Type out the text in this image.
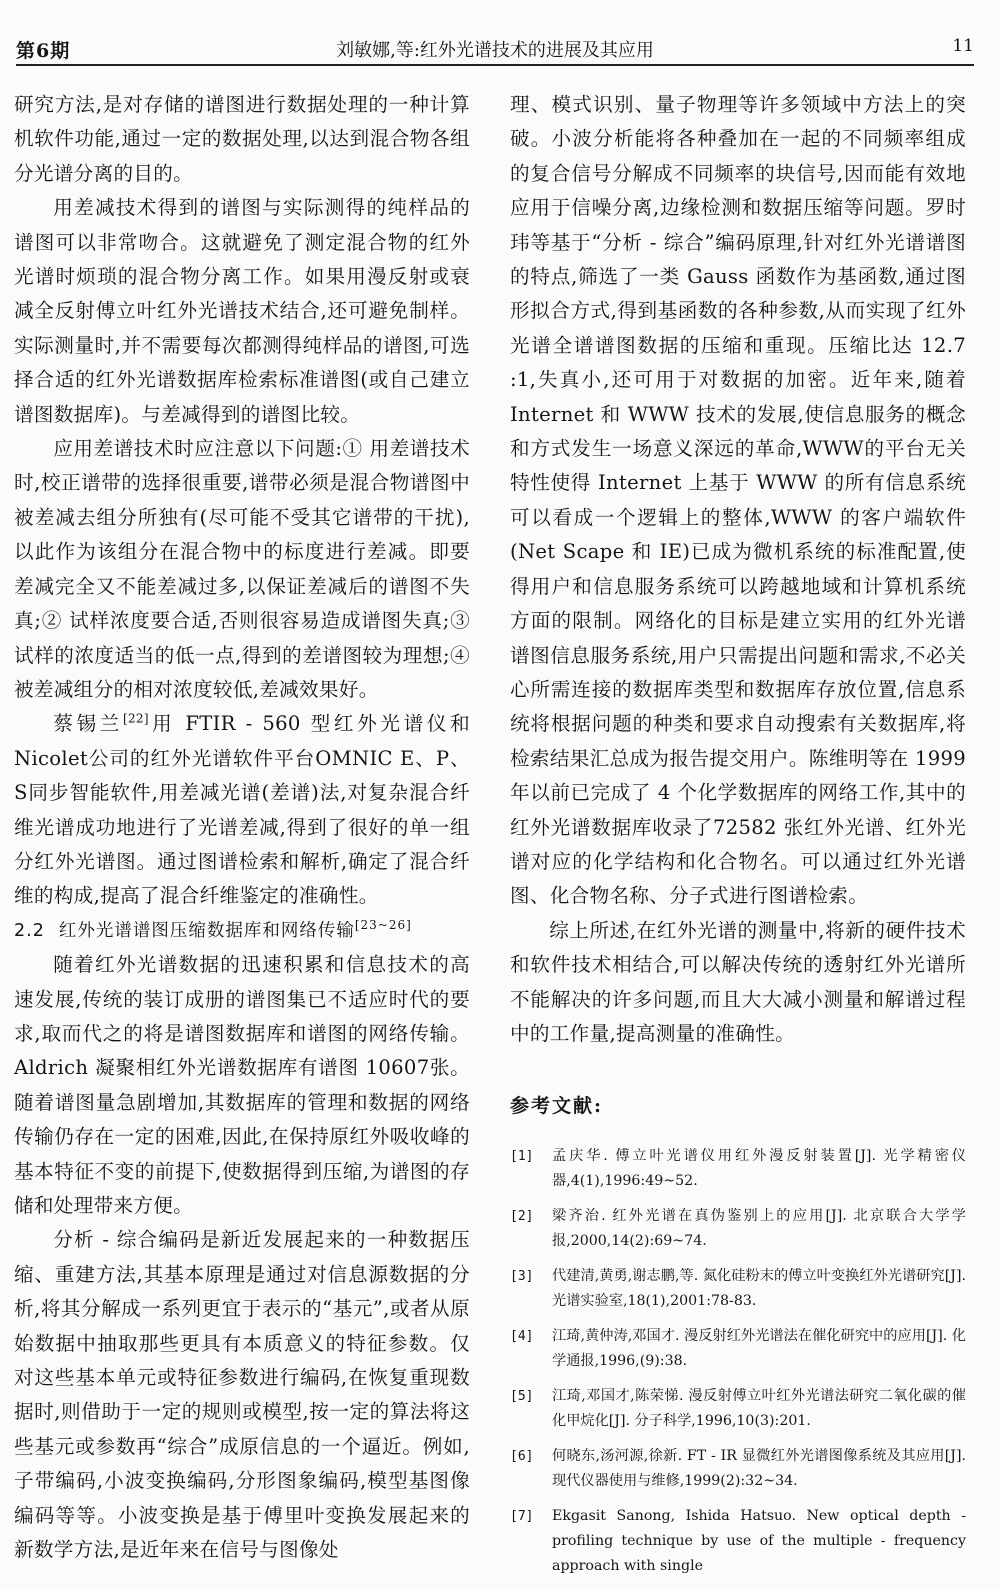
第6期	刘敏娜,等:红外光谱技术的进展及其应用	11

研究方法,是对存储的谱图进行数据处理的一种计算机软件功能,通过一定的数据处理,以达到混合物各组分光谱分离的目的。

用差减技术得到的谱图与实际测得的纯样品的谱图可以非常吻合。这就避免了测定混合物的红外光谱时烦琐的混合物分离工作。如果用漫反射或衰减全反射傅立叶红外光谱技术结合,还可避免制样。实际测量时,并不需要每次都测得纯样品的谱图,可选择合适的红外光谱数据库检索标准谱图(或自己建立谱图数据库)。与差减得到的谱图比较。

应用差谱技术时应注意以下问题:① 用差谱技术时,校正谱带的选择很重要,谱带必须是混合物谱图中被差减去组分所独有(尽可能不受其它谱带的干扰),以此作为该组分在混合物中的标度进行差减。即要差减完全又不能差减过多,以保证差减后的谱图不失真;② 试样浓度要合适,否则很容易造成谱图失真;③ 试样的浓度适当的低一点,得到的差谱图较为理想;④ 被差减组分的相对浓度较低,差减效果好。

蔡锡兰[22]用 FTIR - 560 型红外光谱仪和 Nicolet公司的红外光谱软件平台OMNIC E、P、S同步智能软件,用差减光谱(差谱)法,对复杂混合纤维光谱成功地进行了光谱差减,得到了很好的单一组分红外光谱图。通过图谱检索和解析,确定了混合纤维的构成,提高了混合纤维鉴定的准确性。

2.2 红外光谱谱图压缩数据库和网络传输[23~26]

随着红外光谱数据的迅速积累和信息技术的高速发展,传统的装订成册的谱图集已不适应时代的要求,取而代之的将是谱图数据库和谱图的网络传输。Aldrich 凝聚相红外光谱数据库有谱图 10607张。随着谱图量急剧增加,其数据库的管理和数据的网络传输仍存在一定的困难,因此,在保持原红外吸收峰的基本特征不变的前提下,使数据得到压缩,为谱图的存储和处理带来方便。

分析 - 综合编码是新近发展起来的一种数据压缩、重建方法,其基本原理是通过对信息源数据的分析,将其分解成一系列更宜于表示的“基元”,或者从原始数据中抽取那些更具有本质意义的特征参数。仅对这些基本单元或特征参数进行编码,在恢复重现数据时,则借助于一定的规则或模型,按一定的算法将这些基元或参数再“综合”成原信息的一个逼近。例如,子带编码,小波变换编码,分形图象编码,模型基图像编码等等。小波变换是基于傅里叶变换发展起来的新数学方法,是近年来在信号与图像处

理、模式识别、量子物理等许多领域中方法上的突破。小波分析能将各种叠加在一起的不同频率组成的复合信号分解成不同频率的块信号,因而能有效地应用于信噪分离,边缘检测和数据压缩等问题。罗时玮等基于“分析 - 综合”编码原理,针对红外光谱谱图的特点,筛选了一类 Gauss 函数作为基函数,通过图形拟合方式,得到基函数的各种参数,从而实现了红外光谱全谱谱图数据的压缩和重现。压缩比达 12.7 :1,失真小,还可用于对数据的加密。近年来,随着 Internet 和 WWW 技术的发展,使信息服务的概念和方式发生一场意义深远的革命,WWW的平台无关特性使得 Internet 上基于 WWW 的所有信息系统可以看成一个逻辑上的整体,WWW 的客户端软件(Net Scape 和 IE)已成为微机系统的标准配置,使得用户和信息服务系统可以跨越地域和计算机系统方面的限制。网络化的目标是建立实用的红外光谱谱图信息服务系统,用户只需提出问题和需求,不必关心所需连接的数据库类型和数据库存放位置,信息系统将根据问题的种类和要求自动搜索有关数据库,将检索结果汇总成为报告提交用户。陈维明等在 1999 年以前已完成了 4 个化学数据库的网络工作,其中的红外光谱数据库收录了72582 张红外光谱、红外光谱对应的化学结构和化合物名。可以通过红外光谱图、化合物名称、分子式进行图谱检索。

综上所述,在红外光谱的测量中,将新的硬件技术和软件技术相结合,可以解决传统的透射红外光谱所不能解决的许多问题,而且大大减小测量和解谱过程中的工作量,提高测量的准确性。

参考文献:
[1] 孟庆华. 傅立叶光谱仪用红外漫反射装置[J]. 光学精密仪器,4(1),1996:49~52.
[2] 梁齐治. 红外光谱在真伪鉴别上的应用[J]. 北京联合大学学报,2000,14(2):69~74.
[3] 代建清,黄勇,谢志鹏,等. 氮化硅粉末的傅立叶变换红外光谱研究[J]. 光谱实验室,18(1),2001:78-83.
[4] 江琦,黄仲涛,邓国才. 漫反射红外光谱法在催化研究中的应用[J]. 化学通报,1996,(9):38.
[5] 江琦,邓国才,陈荣悌. 漫反射傅立叶红外光谱法研究二氧化碳的催化甲烷化[J]. 分子科学,1996,10(3):201.
[6] 何晓东,汤河源,徐新. FT - IR 显微红外光谱图像系统及其应用[J]. 现代仪器使用与维修,1999(2):32~34.
[7] Ekgasit Sanong, Ishida Hatsuo. New optical depth - profiling technique by use of the multiple - frequency approach with single
